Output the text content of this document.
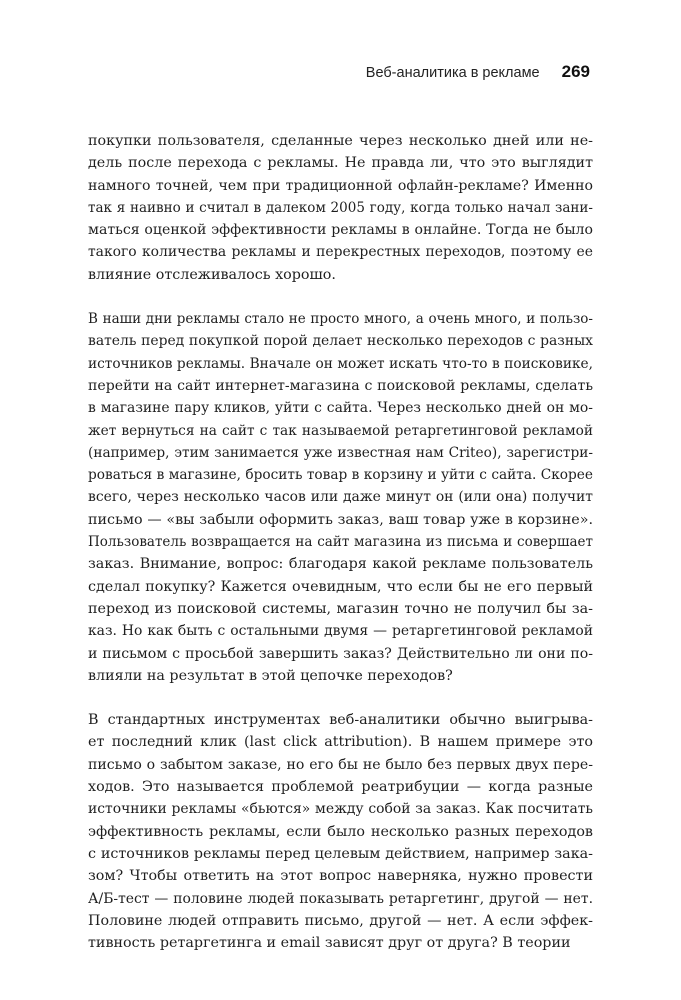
Веб-аналитика в рекламе 269

покупки пользователя, сделанные через несколько дней или не-
дель после перехода с рекламы. Не правда ли, что это выглядит
намного точней, чем при традиционной офлайн-рекламе? Именно
так я наивно и считал в далеком 2005 году, когда только начал зани-
маться оценкой эффективности рекламы в онлайне. Тогда не было
такого количества рекламы и перекрестных переходов, поэтому ее
влияние отслеживалось хорошо.

В наши дни рекламы стало не просто много, а очень много, и пользо-
ватель перед покупкой порой делает несколько переходов с разных
источников рекламы. Вначале он может искать что-то в поисковике,
перейти на сайт интернет-магазина с поисковой рекламы, сделать
в магазине пару кликов, уйти с сайта. Через несколько дней он мо-
жет вернуться на сайт с так называемой ретаргетинговой рекламой
(например, этим занимается уже известная нам Criteo), зарегистри-
роваться в магазине, бросить товар в корзину и уйти с сайта. Скорее
всего, через несколько часов или даже минут он (или она) получит
письмо — «вы забыли оформить заказ, ваш товар уже в корзине».
Пользователь возвращается на сайт магазина из письма и совершает
заказ. Внимание, вопрос: благодаря какой рекламе пользователь
сделал покупку? Кажется очевидным, что если бы не его первый
переход из поисковой системы, магазин точно не получил бы за-
каз. Но как быть с остальными двумя — ретаргетинговой рекламой
и письмом с просьбой завершить заказ? Действительно ли они по-
влияли на результат в этой цепочке переходов?

В стандартных инструментах веб-аналитики обычно выигрыва-
ет последний клик (last click attribution). В нашем примере это
письмо о забытом заказе, но его бы не было без первых двух пере-
ходов. Это называется проблемой реатрибуции — когда разные
источники рекламы «бьются» между собой за заказ. Как посчитать
эффективность рекламы, если было несколько разных переходов
с источников рекламы перед целевым действием, например зака-
зом? Чтобы ответить на этот вопрос наверняка, нужно провести
А/Б-тест — половине людей показывать ретаргетинг, другой — нет.
Половине людей отправить письмо, другой — нет. А если эффек-
тивность ретаргетинга и email зависят друг от друга? В теории
